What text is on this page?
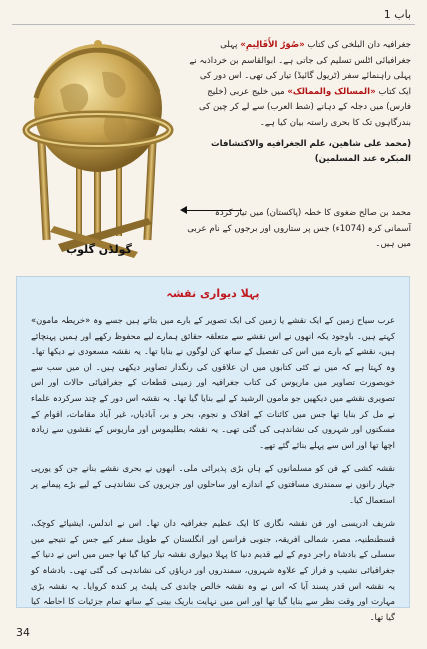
باب 1
گولڈن گلوب
جغرافیہ دان البلخی کی کتاب «صُوَرُ الأَقَالِيمِ» پہلی جغرافیائی اٹلس تسلیم کی جاتی ہے۔ ابوالقاسم بن خرداذبہ نے پہلی راہنمائے سفر (ٹریول گائیڈ) تیار کی تھی۔ اس دور کی ایک کتاب «المسالک والممالک» میں خلیج عربی (خلیج فارس) میں دجلہ کے دہانے (شط العرب) سے لے کر چین کی بندرگاہوں تک کا بحری راستہ بیان کیا ہے۔
(محمد علی شاهين، علم الجغرافيه والاكتشافات المبكره عند المسلمين)
محمد بن صالح ضغوی کا خطہ (پاکستان) میں تیار کردہ آسمانی کرہ (1074ء) جس پر ستاروں اور برجوں کے نام عربی میں ہیں۔
پہلا دیواری نقشہ

عرب سیاح زمین کے ایک نقشے یا زمین کی ایک تصویر کے بارے میں بتاتے ہیں جسے وہ «خریطہ مامون» کہتے ہیں۔ باوجود یکہ انھوں نے اس نقشے سے متعلقہ حقائق ہمارے لیے محفوظ رکھے اور ہمیں پہنچائے ہیں، نقشے کے بارے میں اس کی تفصیل کے ساتھ کن لوگوں نے بنایا تھا۔ یہ نقشہ مسعودی نے دیکھا تھا۔ وہ کہتا ہے کہ میں نے کئی کتابوں میں ان علاقوں کی رنگدار تصاویر دیکھی ہیں۔ ان میں سب سے خوبصورت تصاویر میں ماریوس کی کتاب جغرافیہ اور زمینی قطعات کے جغرافیائی حالات اور اس تصویری نقشے میں دیکھیں جو مامون الرشید کے لیے بنایا گیا تھا۔ یہ نقشہ اس دور کے چند سرکردہ علماء نے مل کر بنایا تھا جس میں کائنات کے افلاک و نجوم، بحر و بر، آبادیاں، غیر آباد مقامات، اقوام کے مسکنوں اور شہروں کی نشاندہی کی گئی تھی۔ یہ نقشہ بطلیموس اور ماریوس کے نقشوں سے زیادہ اچھا تھا اور اس سے پہلے بنائے گئے تھے۔

نقشہ کشی کے فن کو مسلمانوں کے ہاں بڑی پذیرائی ملی۔ انھوں نے بحری نقشے بنانے جن کو یورپی جہاز رانوں نے سمندری مسافتوں کے اندازے اور ساحلوں اور جزیروں کی نشاندہی کے لیے بڑے پیمانے پر استعمال کیا۔

شریف ادریسی اور فن نقشہ نگاری کا ایک عظیم جغرافیہ دان تھا۔ اس نے اندلس، ایشیائے کوچک، قسطنطنیہ، مصر، شمالی افریقہ، جنوبی فرانس اور انگلستان کے طویل سفر کیے جس کے نتیجے میں سسلی کے بادشاہ راجر دوم کے لیے قدیم دنیا کا پہلا دیواری نقشہ تیار کیا گیا تھا جس میں اس نے دنیا کے جغرافیائی نشیب و فراز کے علاوہ شہروں، سمندروں اور دریاؤں کی نشاندہی کی گئی تھی۔ بادشاہ کو یہ نقشہ اس قدر پسند آیا کہ اس نے وہ نقشہ خالص چاندی کی پلیٹ پر کندہ کروایا۔ یہ نقشہ بڑی مہارت اور وقت نظر سے بنایا گیا تھا اور اس میں نہایت باریک بینی کے ساتھ تمام جزئیات کا احاطہ کیا گیا تھا۔

34
